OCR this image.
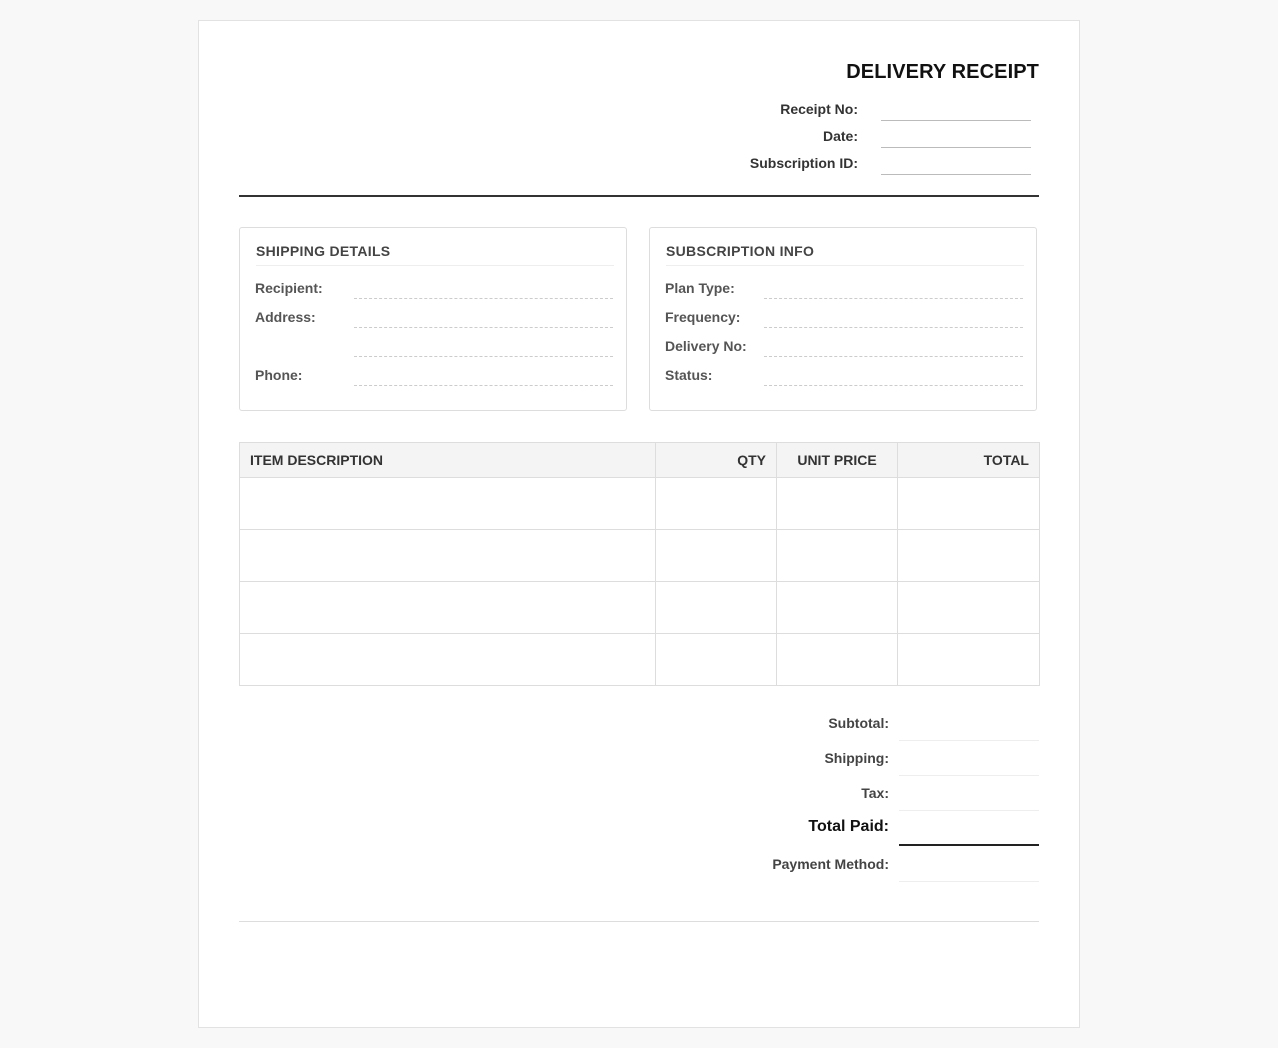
DELIVERY RECEIPT
Receipt No:
Date:
Subscription ID:
SHIPPING DETAILS
Recipient:
Address:
Phone:
SUBSCRIPTION INFO
Plan Type:
Frequency:
Delivery No:
Status:
ITEM DESCRIPTION	QTY	UNIT PRICE	TOTAL

Subtotal:
Shipping:
Tax:
Total Paid:
Payment Method:
